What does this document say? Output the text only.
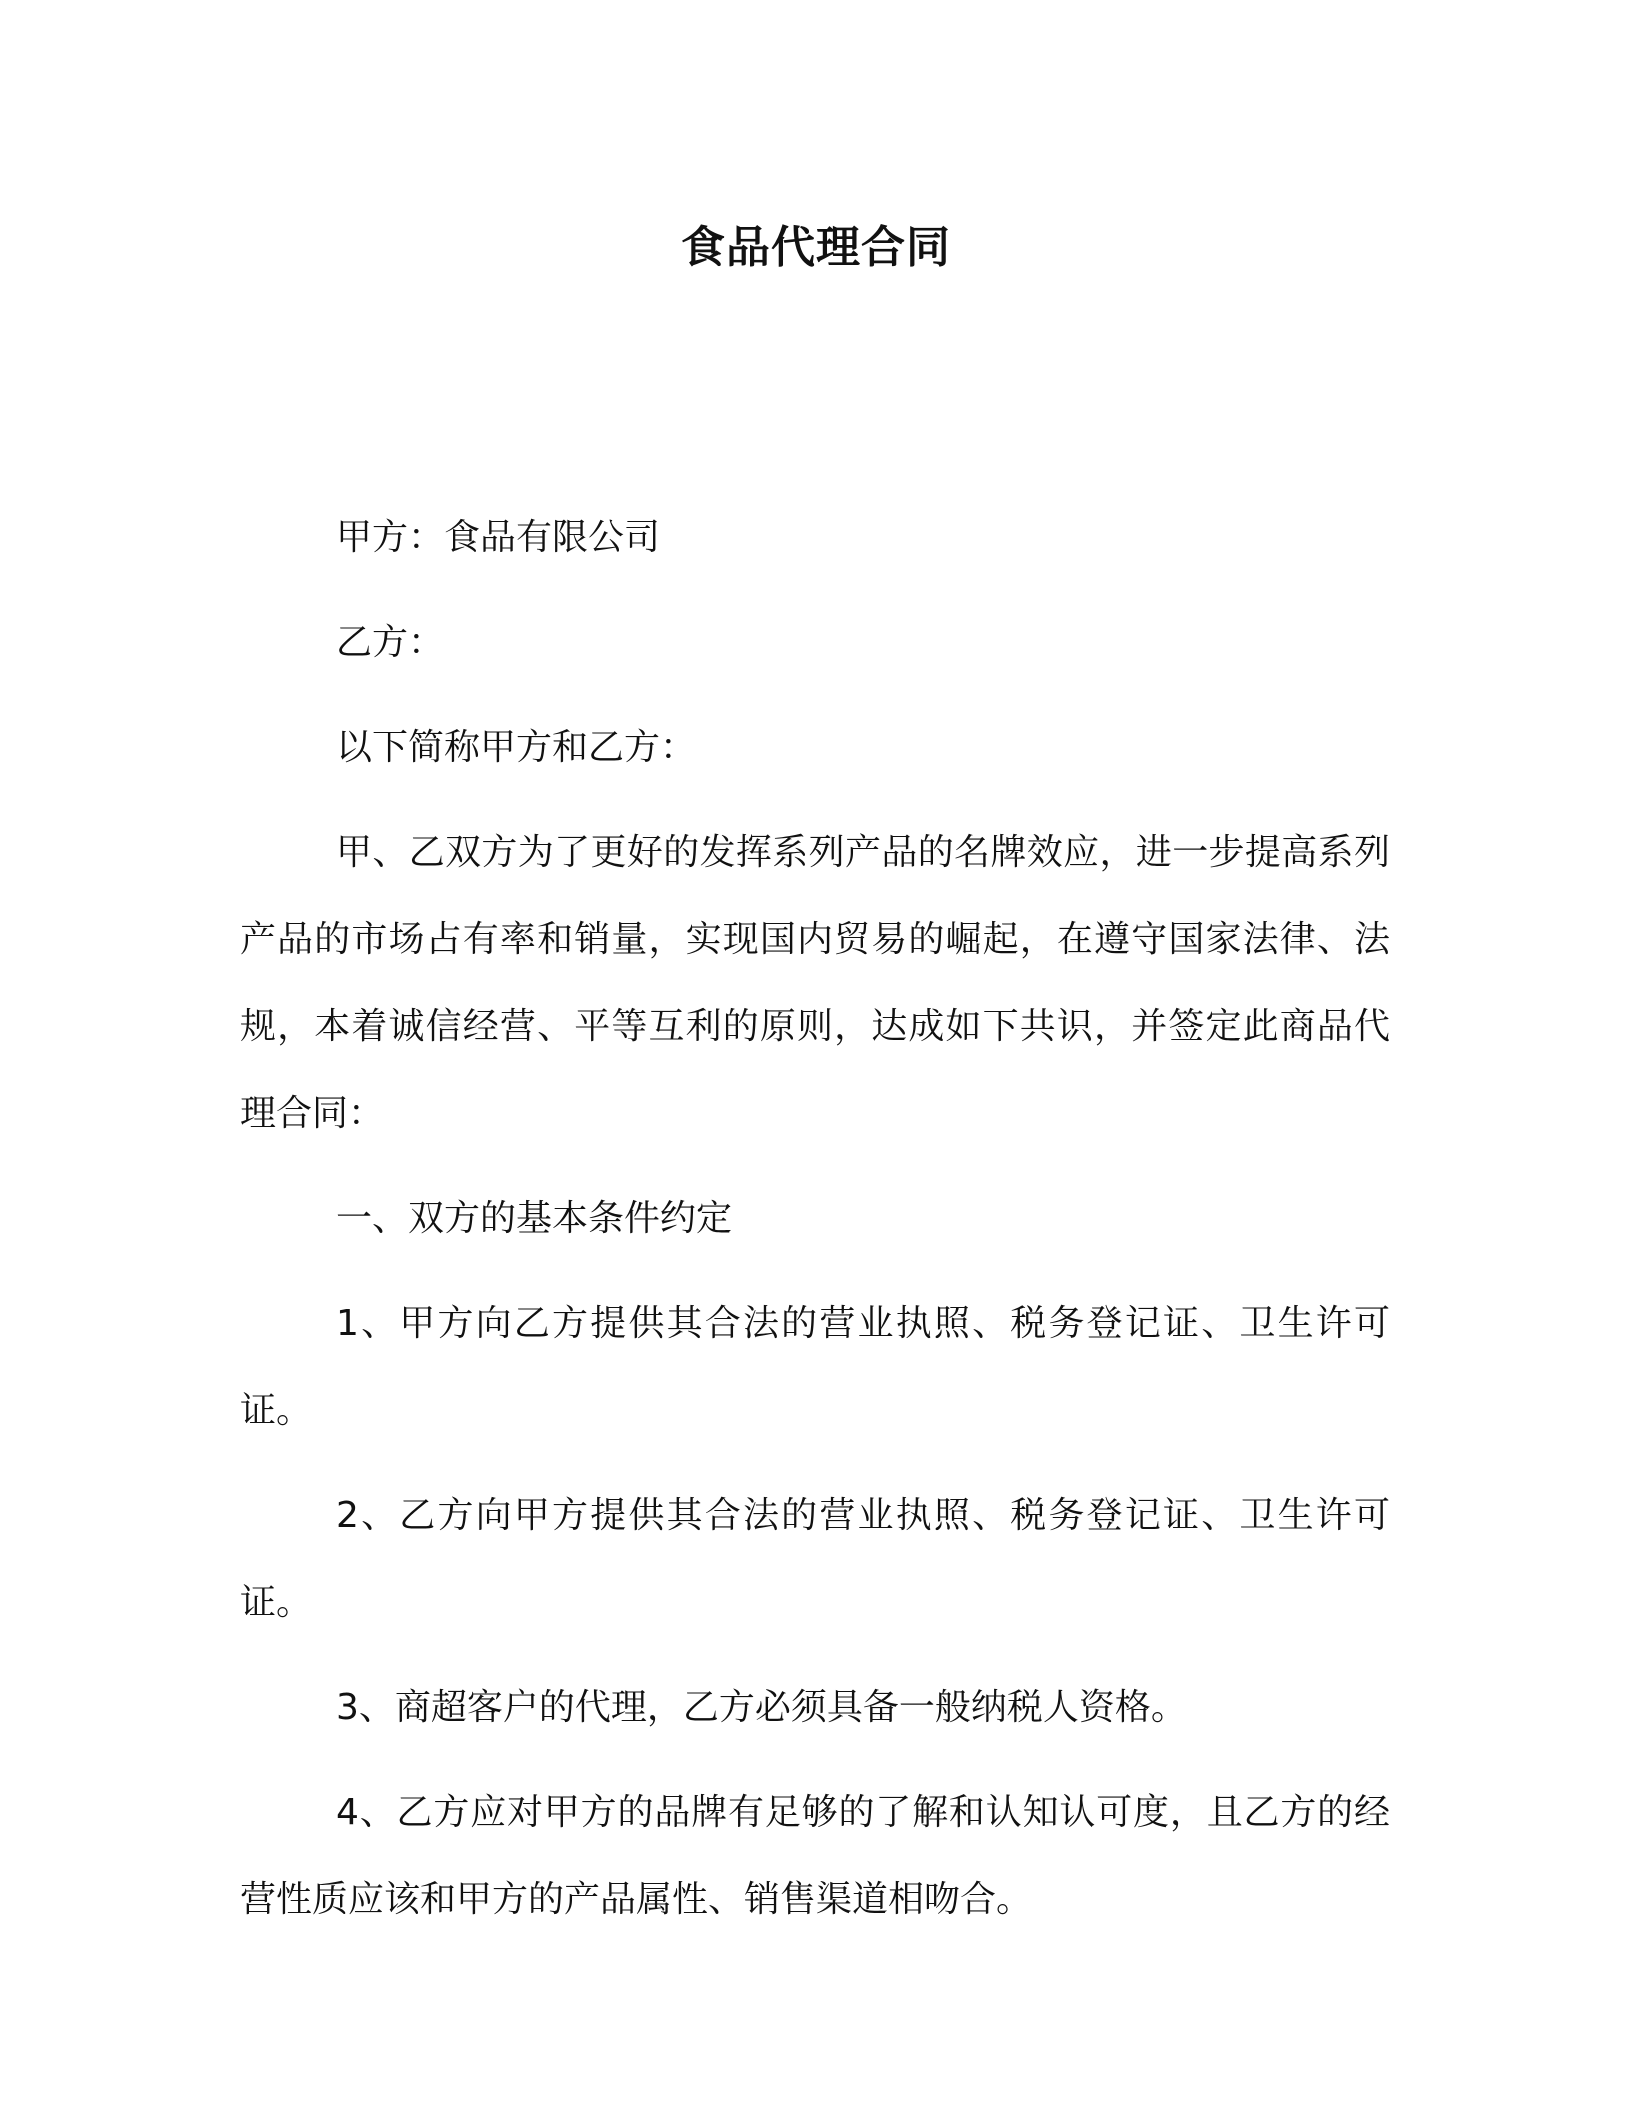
食品代理合同

甲方：食品有限公司

乙方：

以下简称甲方和乙方：

甲、乙双方为了更好的发挥系列产品的名牌效应，进一步提高系列产品的市场占有率和销量，实现国内贸易的崛起，在遵守国家法律、法规，本着诚信经营、平等互利的原则，达成如下共识，并签定此商品代理合同：

一、双方的基本条件约定

1、甲方向乙方提供其合法的营业执照、税务登记证、卫生许可证。

2、乙方向甲方提供其合法的营业执照、税务登记证、卫生许可证。

3、商超客户的代理，乙方必须具备一般纳税人资格。

4、乙方应对甲方的品牌有足够的了解和认知认可度，且乙方的经营性质应该和甲方的产品属性、销售渠道相吻合。
